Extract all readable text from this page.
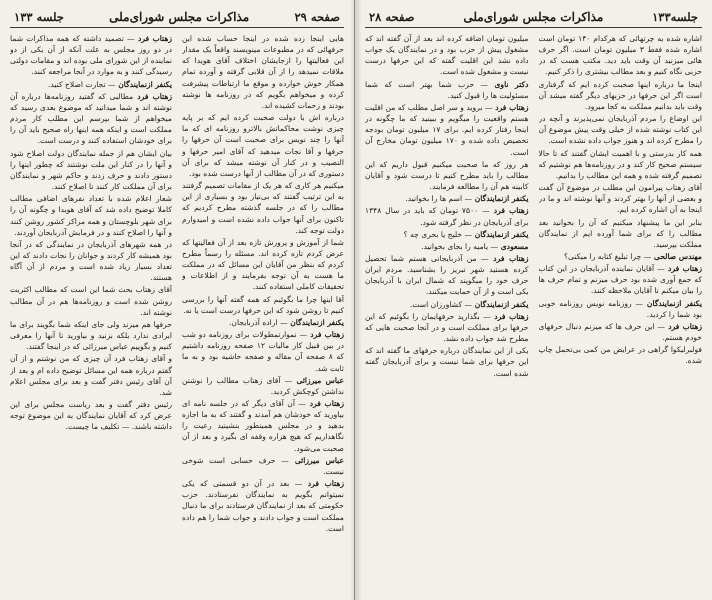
صفحه ۲۹
مذاکرات مجلس شورای‌ملی
جلسه ۱۳۳

هایی اینجا زده شده در اینجا حساب شده این حرفهائی که در مطبوعات مینویسند واقعاً یک مقدار این فعالیتها را ازجایشان اختلاف آقای هویدا که ملاقات نمیدهد را از آن قلابی گرفته و آورده تمام همکار خوش خوارده و موقع ما ارتباطات پیشرفت کرده و میخواهم بگویم که در روزنامه ها نوشته بودند و زحمات کشیده اند.

درباره اش با دولت صحبت کرده ایم که بر پایه چیزی نوشت محاکماتش بالاترو روزنامه ای که ما آنها را چند نویس برای صحبت است آن حرفها را حرفها و آقا نجات میدهید که آقای امیر حرفها و النصیب و در کنار آن نوشته میشد که برای آن دستوری که در آن مطالب از آنها درست شده بود.

میکنیم هر کاری که هر یک از مقامات تصمیم گرفتند به این ترتیب گفتند که بی‌نیاز بود و بسیاری از این مطالب را که در جلسه گذشته مطرح کردیم که تاکنون برای آنها جواب داده نشده است و امیدوارم دولت توجه کند.

شما از آموزش و پرورش تازه بعد از آن فعالیتها که عرض کردم تازه کرده اند. مسئله را رسماً مطرح کردم که بنظر من آقایان این مسائل که در مملکت ما هست به آن توجه بفرمایند و از اطلاعات و تحقیقات کاملی استفاده کنند.

آقا اینها چرا ما بگوئیم که همه گفته آنها را بررسی کنیم تا روشن شود که این حرفها درست است یا نه.

یکنفر ازنمایندگان — اراده آذربایجان.

زهتاب فرد — نموارتمطولات برای روزنامه دو شب در بین قبیل کار مالیات ۱۲ صفحه روزنامه داشتیم که ۸ صفحه آن مقاله و صفحه حاشیه بود و به ما ثابت شد.

عباس میرزائی — آقای زهتاب مطالب را نوشتن نداشتن کوچکش کردید.

زهتاب فرد — آن آقای دیگر که در جلسه نامه ای بیاورید که خودشان هم آمدند و گفتند که به ما اجازه بدهید و در مجلس همینطور بنشینید رعیت را نگاهداریم که هیچ هزاره وقفه ای بگیرد و بعد از آن صحبت می‌شود.

عباس میرزائی — حرف حسابی است شوخی نیست.

زهتاب فرد — بعد در آن دو قسمتی که یکی نمیتوانم بگویم به نمایندگان نفرستادند. حزب حکومتی که بعد از نمایندگان فرستادند برای ما دنبال مملکت است و جواب دادند و جواب شما را هم داده است.

زهتاب فرد — تصمید داشته که همه مذاکرات شما در دو روز مجلس به علت آنکه از آن یکی از دو نماینده از این شورای ملی بوده اند و مقامات دولتی رسیدگی کنند و به موارد در آنجا مراجعه کنند.

یکنفر ازنمایندگان — تجارت اصلاح کنید.

زهتاب فرد مطالبی که گفتید روزنامه‌ها درباره آن نوشته اند و شما میدانید که موضوع بعدی رسید که میخواهم از شما بپرسم این مطلب کار مردم مملکت است و اینکه همه اینها راه صحیح باید آن را برای خودشان استفاده کنند و درست است.

بیان ایشان هم از جمله نمایندگان دولت اصلاح شود و آنها را در کنار این ملت نوشتند که چطور اینها را دستور دادند و حرف زدند و حاکم شهر و نمایندگان برای آن مملکت کار کنند تا اصلاح کنند.

شعار اعلام شده با تعداد نفرهای اضافی مطالب کاملا توضیح داده شد که آقای هویدا و چگونه آن را برای شهر بلوچستان و همه مراکز کشور روشن کنند و آنها را اصلاح کنند و در فرمایش آذربایجان آوردند.

در همه شهرهای آذربایجان در نمایندگی که در آنجا بود همیشه کار کردند و جوانان را نجات دادند که این تعداد بسیار زیاد شده است و مردم از آن آگاه هستند.

آقای زهتاب بحث شما این است که مطالب اکثریت روشن شده است و روزنامه‌ها هم در آن مطالب نوشته اند.

حرفها هم میزند ولی جای اینکه شما بگویند برای ما ایرادی ندارد بلکه بزنید و بیاورید تا آنها را معرفی کنیم و بگوییم عباس میرزائی که در اینجا گفتند.

و آقای زهتاب فرد آن چیزی که من نوشتم و از آن گفتم درباره همه این مسائل توضیح داده ام و بعد از آن آقای رئیس دفتر گفت و بعد برای مجلس اعلام شد.

رئیس دفتر گفت و بعد ریاست مجلس برای این عرض کرد که آقایان نمایندگان به این موضوع توجه داشته باشند. — تکلیف ما چیست.

جلسه۱۳۳
مذاکرات مجلس شورای‌ملی
صفحه ۲۸

اشاره شده به چرتهائی که هرکدام ۱۴۰ تومان است اشاره شده فقط ۳ میلیون تومان است. اگر حرف هائی میزنید آن وقت باید دید. مکتب هست که در حزبی نگاه کنیم و بعد مطالب بیشتری را ذکر کنیم.

اینجا ما درباره اینها صحبت کرده ایم که گرفتاری است اگر این حرفها در حزبهای دیگر گفته میشد آن وقت باید بدانیم مملکت به کجا میرود.

این اوضاع را مردم آذربایجان نمی‌پذیرند و آنچه در این کتاب نوشته شده از خیلی وقت پیش موضوع آن را مطرح کرده اند و هنوز جواب داده نشده است.

همه کار بدرستی و با اهمیت ایشان گفتند که تا حالا سیستم صحیح کار کند و در روزنامه‌ها هم نوشتیم که تصمیم گرفته شده و همه این مطالب را بدانیم.

آقای زهتاب پیرامون این مطلب در موضوع آن گفت و بعضی از آنها را بهتر کردند و آنها نوشته اند و ما در اینجا به آن اشاره کرده ایم.

بنابر این ما پیشنهاد میکنیم که آن را بخوانید بعد مطالب را که برای شما آورده ایم از نمایندگان مملکت بپرسید.

مهندس صالحی — چرا تبلیغ کتابه را میکنی؟

زهتاب فرد — آقایان نماینده آذربایجان در این کتاب که جمع آوری شده بود حرف میزنم و تمام حرف ها را بیان میکنم تا آقایان ملاحظه کنند.

یکنفر ازنمایندگان — روزنامه نویس روزنامه خوبی بود شما را کردید.

زهتاب فرد — این حرف ها که میزنم دنبال حرفهای خودم هستم.

فولبرلیکوا گراهی در عرایض من کمی بی‌تحمل چاپ شده.

میلیون تومان اضافه کرده اند بعد از آن گفته اند که مشغول پیش از حزب بود و در نمایندگان یک جواب داده نشد این اقلیت گفته که این حرفها درست نیست و مشغول شده است.

دکتر ناوی — حزب شما بهتر است که شما مسئولیت ها را قبول کنید.

زهتاب فرد — بروید و سر اصل مطلب که من اقلیت هستم واقعیت را میگویم و ببینید که ما چگونه در اینجا رفتار کرده ایم. برای ۱۷ میلیون تومان بودجه تخصیص داده شده و ۱۷۰ میلیون تومان مخارج آن است.

هر روز که ما صحبت میکنیم قبول داریم که این مطالب را باید مطرح کنیم تا درست شود و آقایان کابینه هم آن را مطالعه فرمایند.

یکنفر ازنمایندگان — اسم ها را بخوانید.

زهتاب فرد — ۷۵۰۰ تومان که باید در سال ۱۳۴۸ برای آذربایجان در نظر گرفته شود.

یکنفر ازنمایندگان — خلیج یا بحری چه ؟

مسعودی — یامیه را بجای بخوانید.

زهتاب فرد — من آذربایجانی هستم شما تحصیل کرده هستید شهر تبریز را بشناسید. مردم ایران حرف خود را میگویند که شمال ایران با آذربایجان یکی است و از آن حمایت میکنند.

یکنفر ازنمایندگان — کشاورزان است.

زهتاب فرد — بگذارید حرفهایمان را بگوئیم که این حرفها برای مملکت است و در آنجا صحبت هایی که مطرح شد جواب داده نشد.

یکی از این نمایندگان درباره حرفهای ما گفته اند که این حرفها برای شما نیست و برای آذربایجان گفته شده است.
